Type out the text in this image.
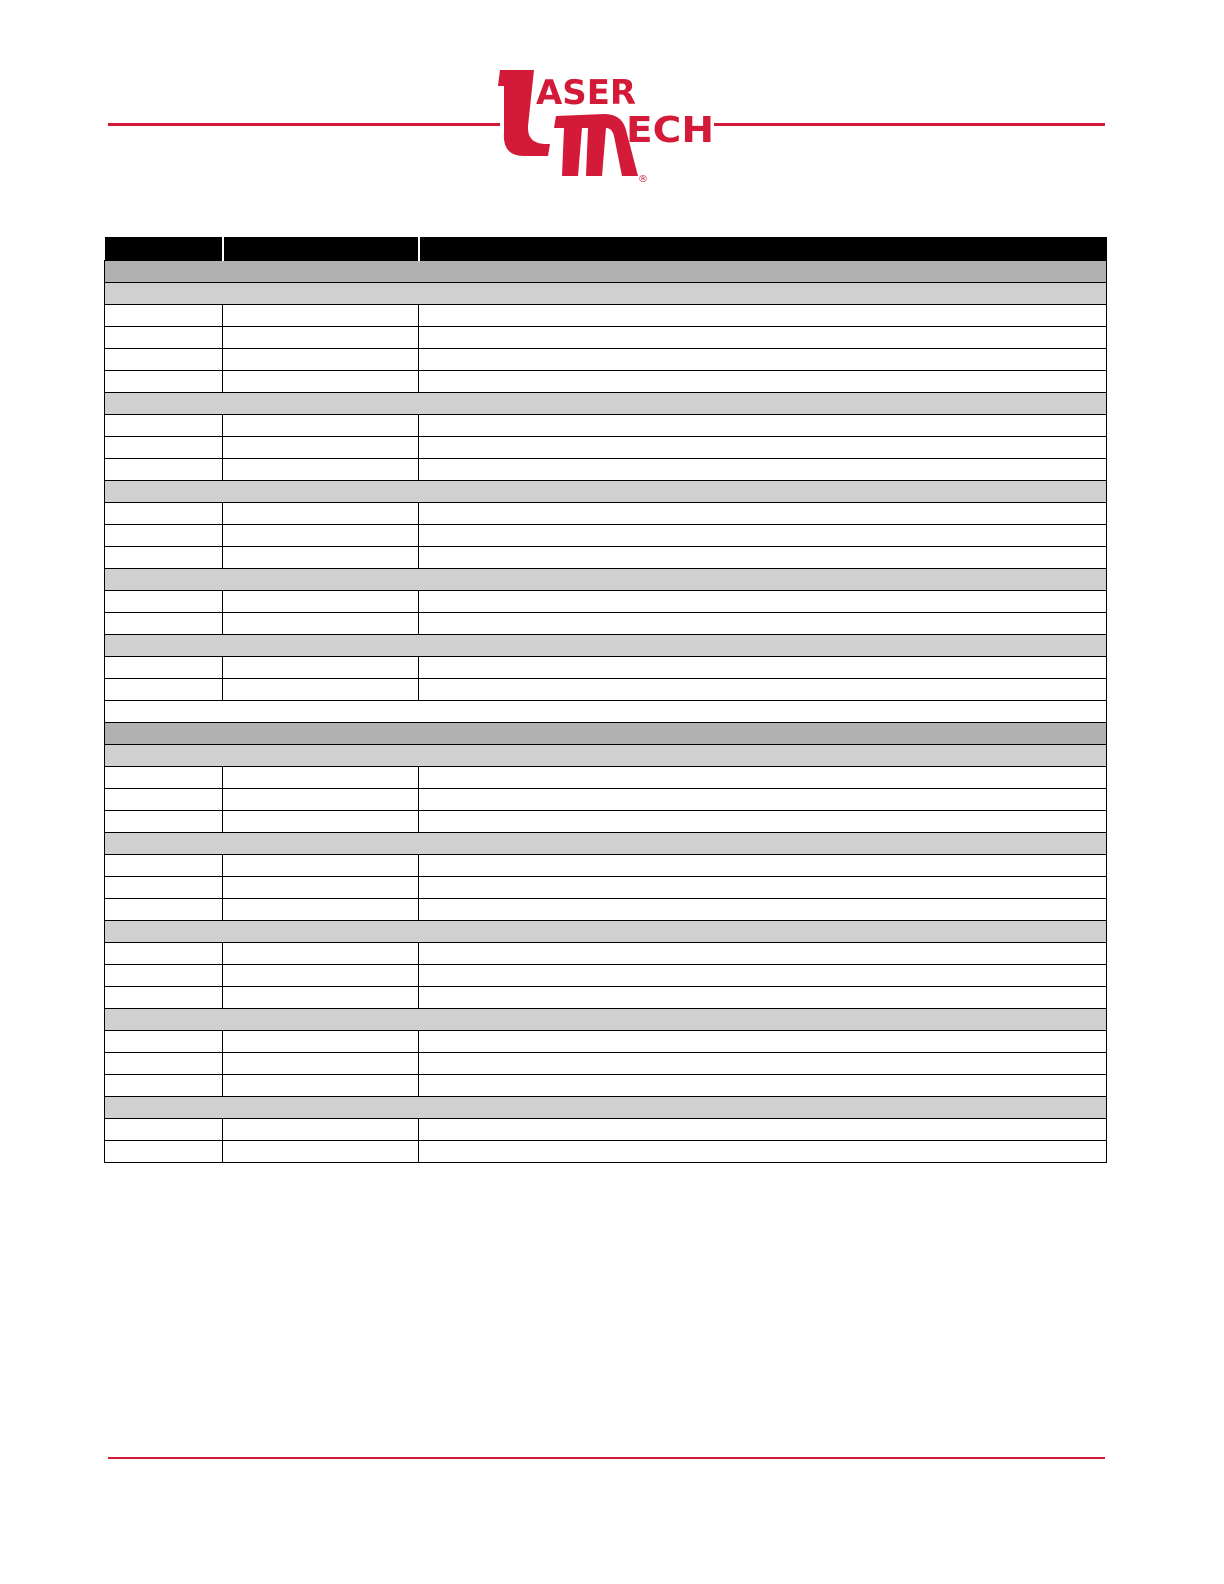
ASER
ECH
®
